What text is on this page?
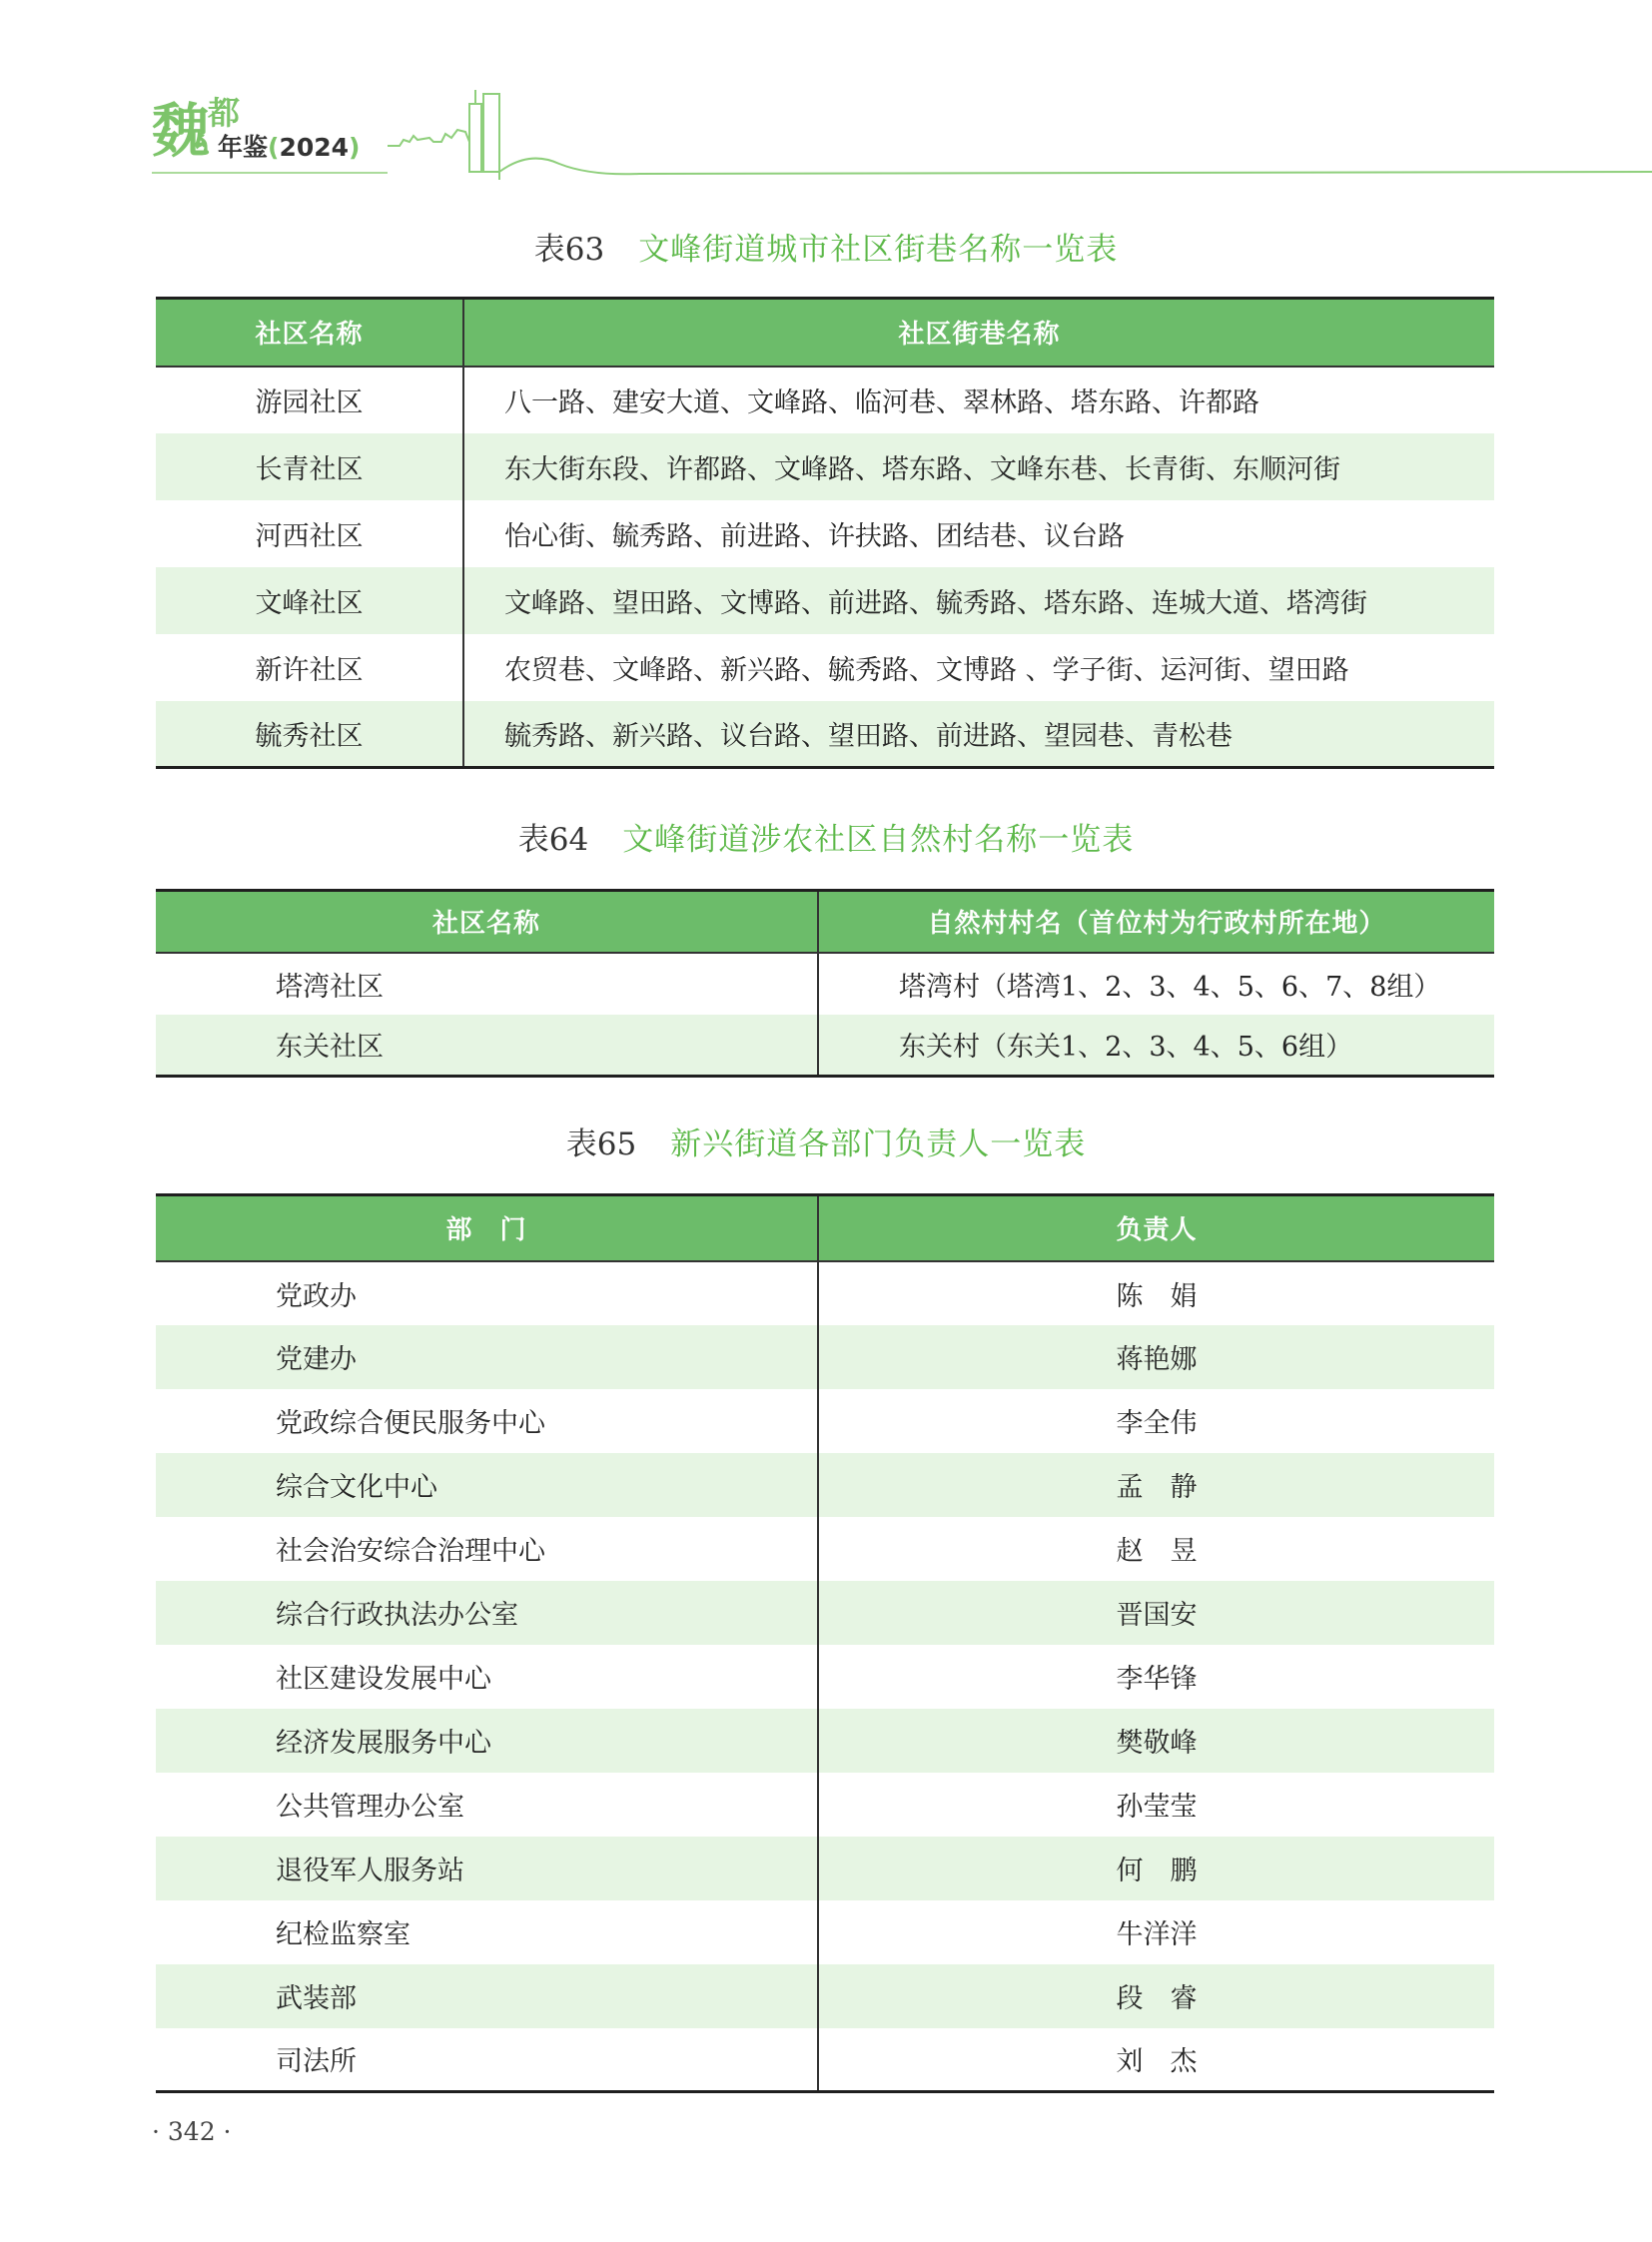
魏
都
年鉴(2024)
表63 文峰街道城市社区街巷名称一览表
社区名称	社区街巷名称
游园社区	八一路、建安大道、文峰路、临河巷、翠林路、塔东路、许都路
长青社区	东大街东段、许都路、文峰路、塔东路、文峰东巷、长青街、东顺河街
河西社区	怡心街、毓秀路、前进路、许扶路、团结巷、议台路
文峰社区	文峰路、望田路、文博路、前进路、毓秀路、塔东路、连城大道、塔湾街
新许社区	农贸巷、文峰路、新兴路、毓秀路、文博路 、学子街、运河街、望田路
毓秀社区	毓秀路、新兴路、议台路、望田路、前进路、望园巷、青松巷
表64 文峰街道涉农社区自然村名称一览表
社区名称	自然村村名（首位村为行政村所在地）
塔湾社区	塔湾村（塔湾1、2、3、4、5、6、7、8组）
东关社区	东关村（东关1、2、3、4、5、6组）
表65 新兴街道各部门负责人一览表
部　门	负责人
党政办	陈　娟
党建办	蒋艳娜
党政综合便民服务中心	李全伟
综合文化中心	孟　静
社会治安综合治理中心	赵　昱
综合行政执法办公室	晋国安
社区建设发展中心	李华锋
经济发展服务中心	樊敬峰
公共管理办公室	孙莹莹
退役军人服务站	何　鹏
纪检监察室	牛洋洋
武装部	段　睿
司法所	刘　杰
· 342 ·
